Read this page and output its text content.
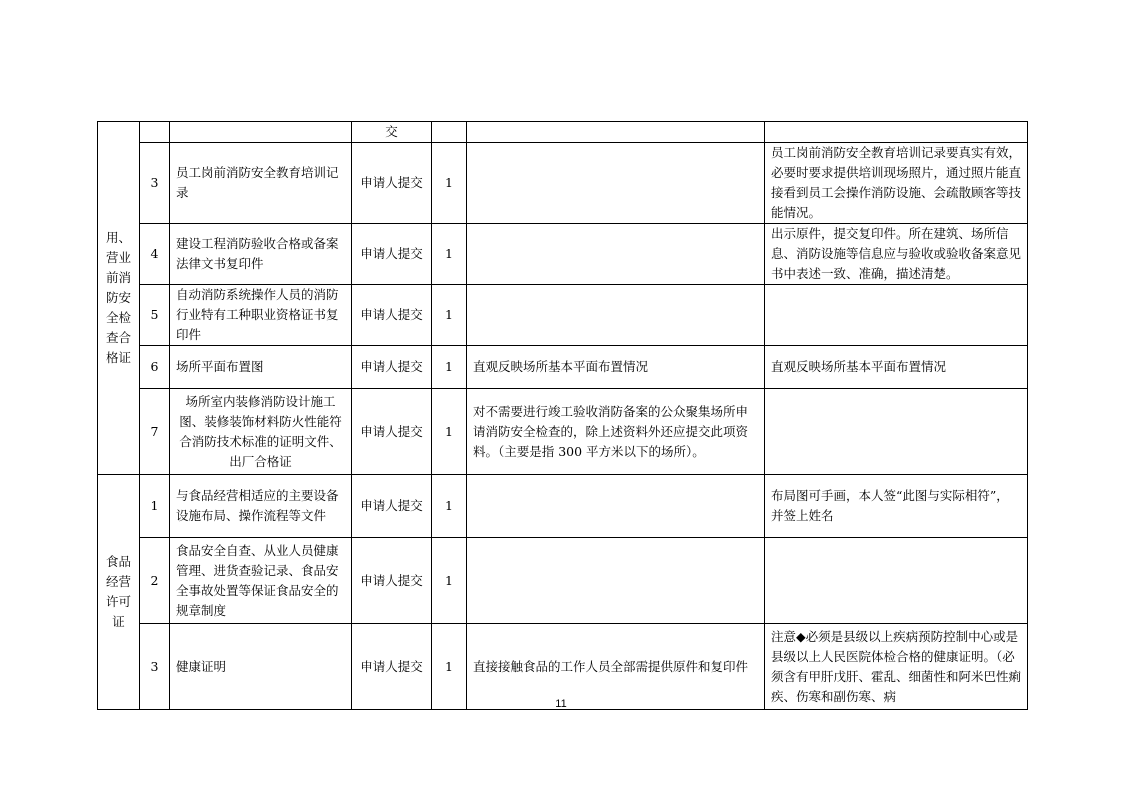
用、营业前消防安全检查合格证			交			
	3	员工岗前消防安全教育培训记录	申请人提交	1		员工岗前消防安全教育培训记录要真实有效，必要时要求提供培训现场照片，通过照片能直接看到员工会操作消防设施、会疏散顾客等技能情况。
	4	建设工程消防验收合格或备案法律文书复印件	申请人提交	1		出示原件，提交复印件。所在建筑、场所信息、消防设施等信息应与验收或验收备案意见书中表述一致、准确，描述清楚。
	5	自动消防系统操作人员的消防行业特有工种职业资格证书复印件	申请人提交	1		
	6	场所平面布置图	申请人提交	1	直观反映场所基本平面布置情况	直观反映场所基本平面布置情况
	7	场所室内装修消防设计施工图、装修装饰材料防火性能符合消防技术标准的证明文件、出厂合格证	申请人提交	1	对不需要进行竣工验收消防备案的公众聚集场所申请消防安全检查的，除上述资料外还应提交此项资料。（主要是指 300 平方米以下的场所）。	
食品经营许可证	1	与食品经营相适应的主要设备设施布局、操作流程等文件	申请人提交	1		布局图可手画，本人签“此图与实际相符”，并签上姓名
	2	食品安全自查、从业人员健康管理、进货查验记录、食品安全事故处置等保证食品安全的规章制度	申请人提交	1		
	3	健康证明	申请人提交	1	直接接触食品的工作人员全部需提供原件和复印件	注意◆必须是县级以上疾病预防控制中心或是县级以上人民医院体检合格的健康证明。（必须含有甲肝戊肝、霍乱、细菌性和阿米巴性痢疾、伤寒和副伤寒、病
11
